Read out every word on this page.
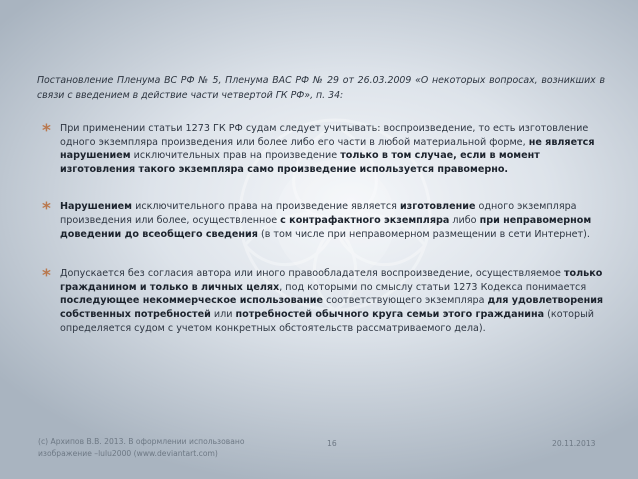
Постановление Пленума ВС РФ № 5, Пленума ВАС РФ № 29 от 26.03.2009 «О некоторых вопросах, возникших в связи с введением в действие части четвертой ГК РФ», п. 34:
* При применении статьи 1273 ГК РФ судам следует учитывать: воспроизведение, то есть изготовление одного экземпляра произведения или более либо его части в любой материальной форме, не является нарушением исключительных прав на произведение только в том случае, если в момент изготовления такого экземпляра само произведение используется правомерно.
* Нарушением исключительного права на произведение является изготовление одного экземпляра произведения или более, осуществленное с контрафактного экземпляра либо при неправомерном доведении до всеобщего сведения (в том числе при неправомерном размещении в сети Интернет).
* Допускается без согласия автора или иного правообладателя воспроизведение, осуществляемое только гражданином и только в личных целях, под которыми по смыслу статьи 1273 Кодекса понимается последующее некоммерческое использование соответствующего экземпляра для удовлетворения собственных потребностей или потребностей обычного круга семьи этого гражданина (который определяется судом с учетом конкретных обстоятельств рассматриваемого дела).
(с) Архипов В.В. 2013. В оформлении использовано
изображение –lulu2000 (www.deviantart.com)
16	20.11.2013
